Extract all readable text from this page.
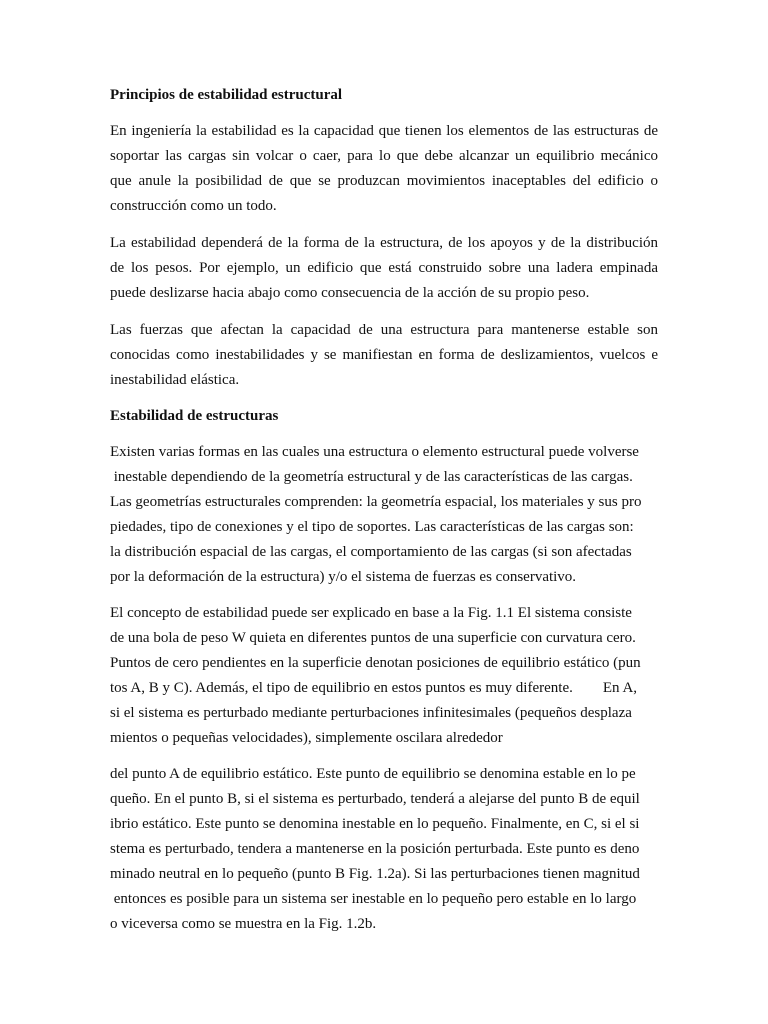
Principios de estabilidad estructural
En ingeniería la estabilidad es la capacidad que tienen los elementos de las estructuras de
soportar las cargas sin volcar o caer, para lo que debe alcanzar un equilibrio mecánico
que anule la posibilidad de que se produzcan movimientos inaceptables del edificio o
construcción como un todo.
La estabilidad dependerá de la forma de la estructura, de los apoyos y de la distribución
de los pesos. Por ejemplo, un edificio que está construido sobre una ladera empinada
puede deslizarse hacia abajo como consecuencia de la acción de su propio peso.
Las fuerzas que afectan la capacidad de una estructura para mantenerse estable son
conocidas como inestabilidades y se manifiestan en forma de deslizamientos, vuelcos e
inestabilidad elástica.
Estabilidad de estructuras
Existen varias formas en las cuales una estructura o elemento estructural puede volverse
inestable dependiendo de la geometría estructural y de las características de las cargas.
Las geometrías estructurales comprenden: la geometría espacial, los materiales y sus pro
piedades, tipo de conexiones y el tipo de soportes. Las características de las cargas son:
la distribución espacial de las cargas, el comportamiento de las cargas (si son afectadas
por la deformación de la estructura) y/o el sistema de fuerzas es conservativo.
El concepto de estabilidad puede ser explicado en base a la Fig. 1.1 El sistema consiste
de una bola de peso W quieta en diferentes puntos de una superficie con curvatura cero.
Puntos de cero pendientes en la superficie denotan posiciones de equilibrio estático (pun
tos A, B y C). Además, el tipo de equilibrio en estos puntos es muy diferente.        En A,
si el sistema es perturbado mediante perturbaciones infinitesimales (pequeños desplaza
mientos o pequeñas velocidades), simplemente oscilara alrededor
del punto A de equilibrio estático. Este punto de equilibrio se denomina estable en lo pe
queño. En el punto B, si el sistema es perturbado, tenderá a alejarse del punto B de equil
ibrio estático. Este punto se denomina inestable en lo pequeño. Finalmente, en C, si el si
stema es perturbado, tendera a mantenerse en la posición perturbada. Este punto es deno
minado neutral en lo pequeño (punto B Fig. 1.2a). Si las perturbaciones tienen magnitud
entonces es posible para un sistema ser inestable en lo pequeño pero estable en lo largo
o viceversa como se muestra en la Fig. 1.2b.
